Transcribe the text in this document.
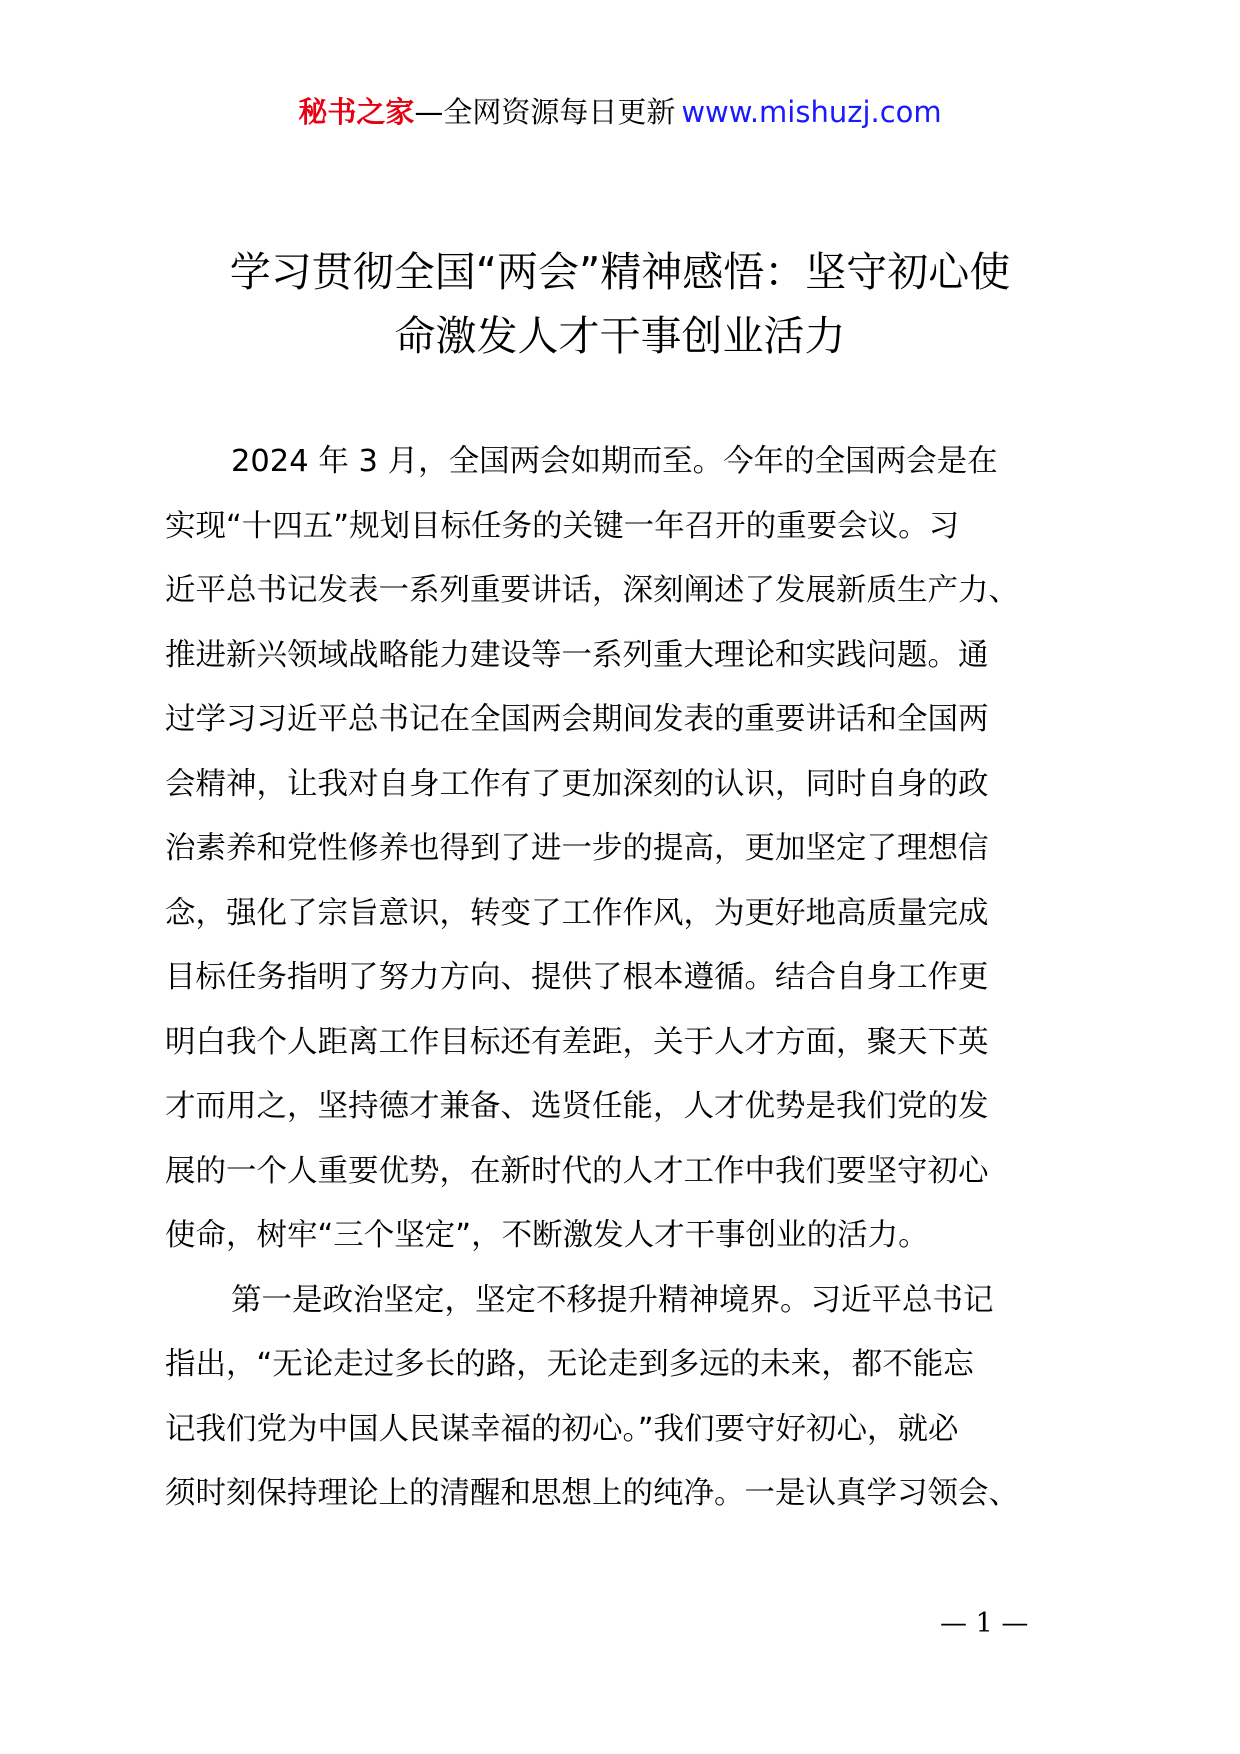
秘书之家—全网资源每日更新 www.mishuzj.com
学习贯彻全国“两会”精神感悟：坚守初心使
命激发人才干事创业活力

2024 年 3 月，全国两会如期而至。今年的全国两会是在
实现“十四五”规划目标任务的关键一年召开的重要会议。习
近平总书记发表一系列重要讲话，深刻阐述了发展新质生产力、
推进新兴领域战略能力建设等一系列重大理论和实践问题。通
过学习习近平总书记在全国两会期间发表的重要讲话和全国两
会精神，让我对自身工作有了更加深刻的认识，同时自身的政
治素养和党性修养也得到了进一步的提高，更加坚定了理想信
念，强化了宗旨意识，转变了工作作风，为更好地高质量完成
目标任务指明了努力方向、提供了根本遵循。结合自身工作更
明白我个人距离工作目标还有差距，关于人才方面，聚天下英
才而用之，坚持德才兼备、选贤任能，人才优势是我们党的发
展的一个人重要优势，在新时代的人才工作中我们要坚守初心
使命，树牢“三个坚定”，不断激发人才干事创业的活力。

第一是政治坚定，坚定不移提升精神境界。习近平总书记
指出，“无论走过多长的路，无论走到多远的未来，都不能忘
记我们党为中国人民谋幸福的初心。”我们要守好初心，就必
须时刻保持理论上的清醒和思想上的纯净。一是认真学习领会、

— 1 —
